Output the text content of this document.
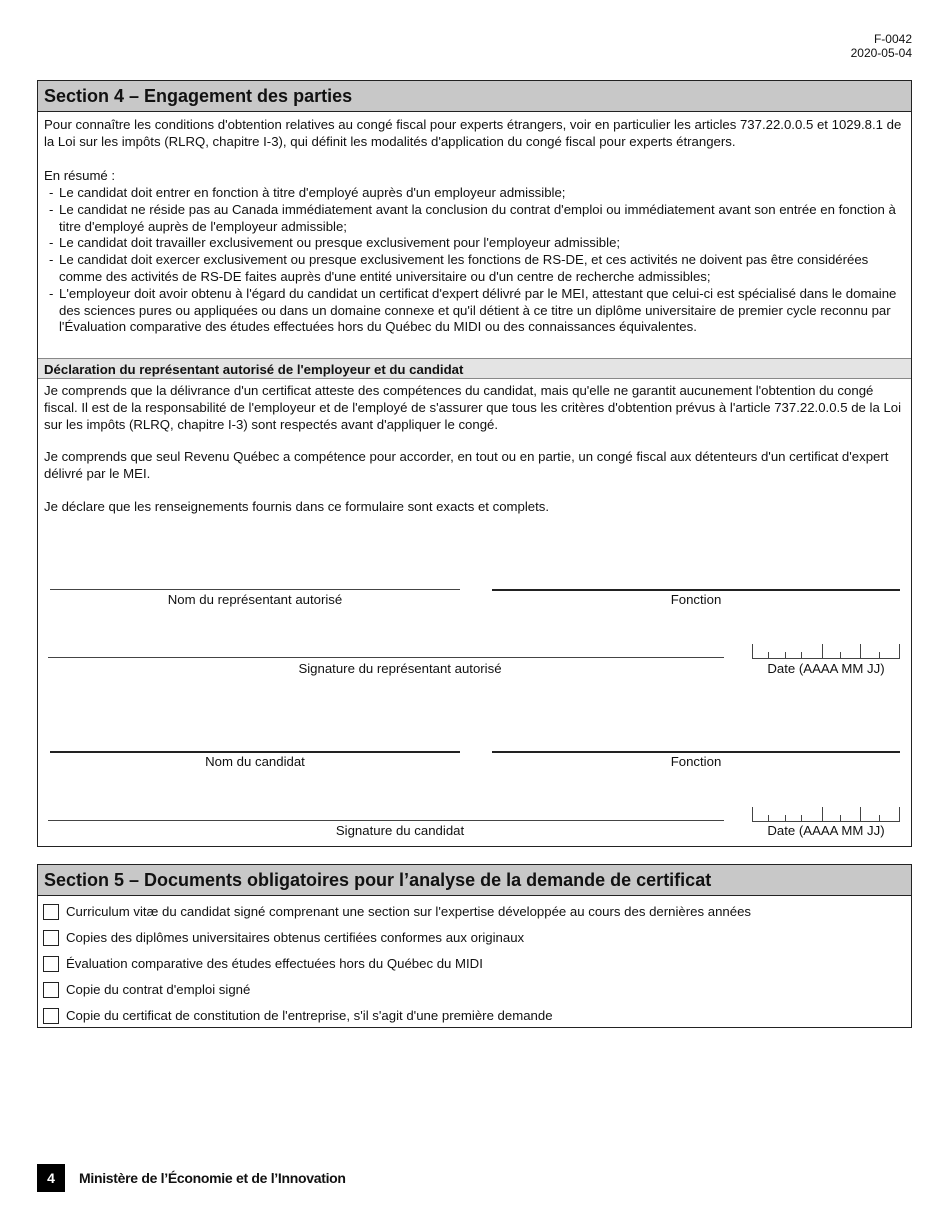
F-0042
2020-05-04
Section 4 – Engagement des parties
Pour connaître les conditions d'obtention relatives au congé fiscal pour experts étrangers, voir en particulier les articles 737.22.0.0.5 et 1029.8.1 de la Loi sur les impôts (RLRQ, chapitre I-3), qui définit les modalités d'application du congé fiscal pour experts étrangers.
En résumé :
- Le candidat doit entrer en fonction à titre d'employé auprès d'un employeur admissible;
- Le candidat ne réside pas au Canada immédiatement avant la conclusion du contrat d'emploi ou immédiatement avant son entrée en fonction à titre d'employé auprès de l'employeur admissible;
- Le candidat doit travailler exclusivement ou presque exclusivement pour l'employeur admissible;
- Le candidat doit exercer exclusivement ou presque exclusivement les fonctions de RS-DE, et ces activités ne doivent pas être considérées comme des activités de RS-DE faites auprès d'une entité universitaire ou d'un centre de recherche admissibles;
- L'employeur doit avoir obtenu à l'égard du candidat un certificat d'expert délivré par le MEI, attestant que celui-ci est spécialisé dans le domaine des sciences pures ou appliquées ou dans un domaine connexe et qu'il détient à ce titre un diplôme universitaire de premier cycle reconnu par l'Évaluation comparative des études effectuées hors du Québec du MIDI ou des connaissances équivalentes.
Déclaration du représentant autorisé de l'employeur et du candidat
Je comprends que la délivrance d'un certificat atteste des compétences du candidat, mais qu'elle ne garantit aucunement l'obtention du congé fiscal. Il est de la responsabilité de l'employeur et de l'employé de s'assurer que tous les critères d'obtention prévus à l'article 737.22.0.0.5 de la Loi sur les impôts (RLRQ, chapitre I-3) sont respectés avant d'appliquer le congé.
Je comprends que seul Revenu Québec a compétence pour accorder, en tout ou en partie, un congé fiscal aux détenteurs d'un certificat d'expert délivré par le MEI.
Je déclare que les renseignements fournis dans ce formulaire sont exacts et complets.
Nom du représentant autorisé	Fonction
Signature du représentant autorisé	Date (AAAA MM JJ)
Nom du candidat	Fonction
Signature du candidat	Date (AAAA MM JJ)
Section 5 – Documents obligatoires pour l’analyse de la demande de certificat
Curriculum vitæ du candidat signé comprenant une section sur l'expertise développée au cours des dernières années
Copies des diplômes universitaires obtenus certifiées conformes aux originaux
Évaluation comparative des études effectuées hors du Québec du MIDI
Copie du contrat d'emploi signé
Copie du certificat de constitution de l'entreprise, s'il s'agit d'une première demande
4	Ministère de l’Économie et de l’Innovation
